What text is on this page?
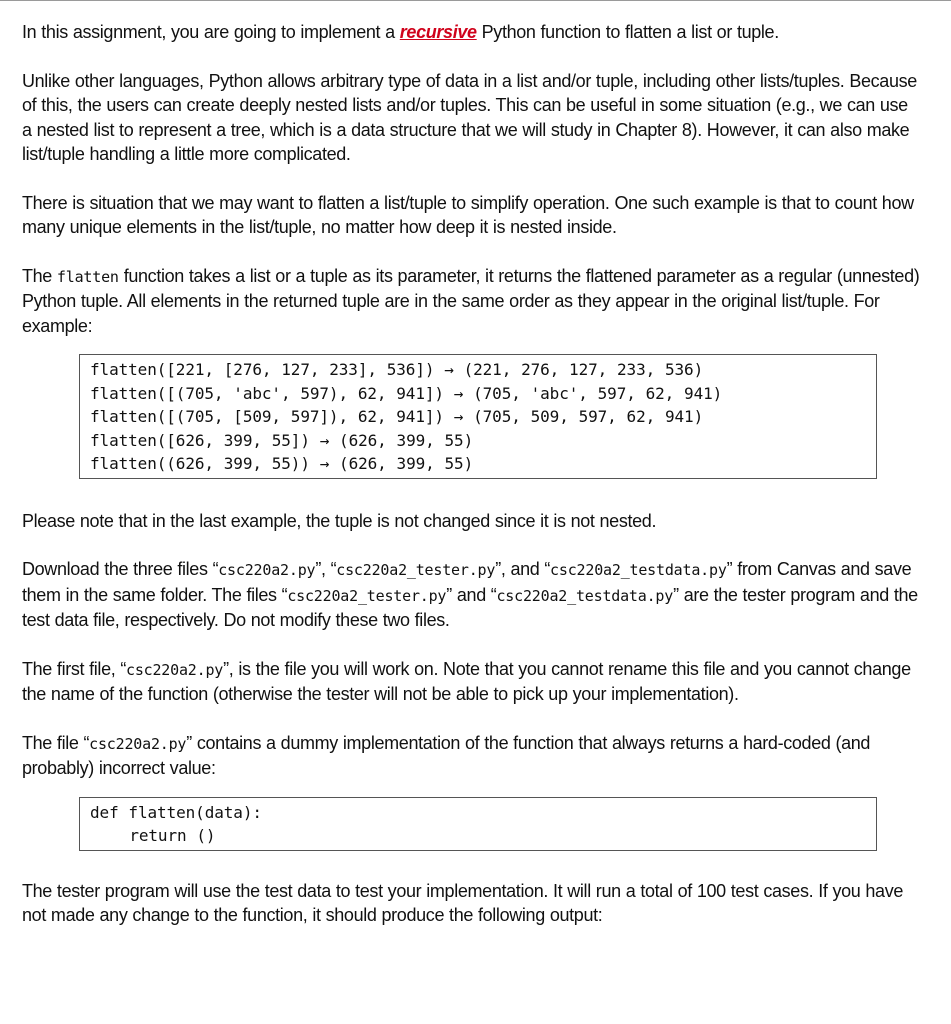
In this assignment, you are going to implement a recursive Python function to flatten a list or tuple.

Unlike other languages, Python allows arbitrary type of data in a list and/or tuple, including other lists/tuples. Because of this, the users can create deeply nested lists and/or tuples. This can be useful in some situation (e.g., we can use a nested list to represent a tree, which is a data structure that we will study in Chapter 8). However, it can also make list/tuple handling a little more complicated.

There is situation that we may want to flatten a list/tuple to simplify operation. One such example is that to count how many unique elements in the list/tuple, no matter how deep it is nested inside.

The flatten function takes a list or a tuple as its parameter, it returns the flattened parameter as a regular (unnested) Python tuple. All elements in the returned tuple are in the same order as they appear in the original list/tuple. For example:

flatten([221, [276, 127, 233], 536]) → (221, 276, 127, 233, 536)
flatten([(705, 'abc', 597), 62, 941]) → (705, 'abc', 597, 62, 941)
flatten([(705, [509, 597]), 62, 941]) → (705, 509, 597, 62, 941)
flatten([626, 399, 55]) → (626, 399, 55)
flatten((626, 399, 55)) → (626, 399, 55)

Please note that in the last example, the tuple is not changed since it is not nested.

Download the three files “csc220a2.py”, “csc220a2_tester.py”, and “csc220a2_testdata.py” from Canvas and save them in the same folder. The files “csc220a2_tester.py” and “csc220a2_testdata.py” are the tester program and the test data file, respectively. Do not modify these two files.

The first file, “csc220a2.py”, is the file you will work on. Note that you cannot rename this file and you cannot change the name of the function (otherwise the tester will not be able to pick up your implementation).

The file “csc220a2.py” contains a dummy implementation of the function that always returns a hard-coded (and probably) incorrect value:

def flatten(data):
return ()

The tester program will use the test data to test your implementation. It will run a total of 100 test cases. If you have not made any change to the function, it should produce the following output:
